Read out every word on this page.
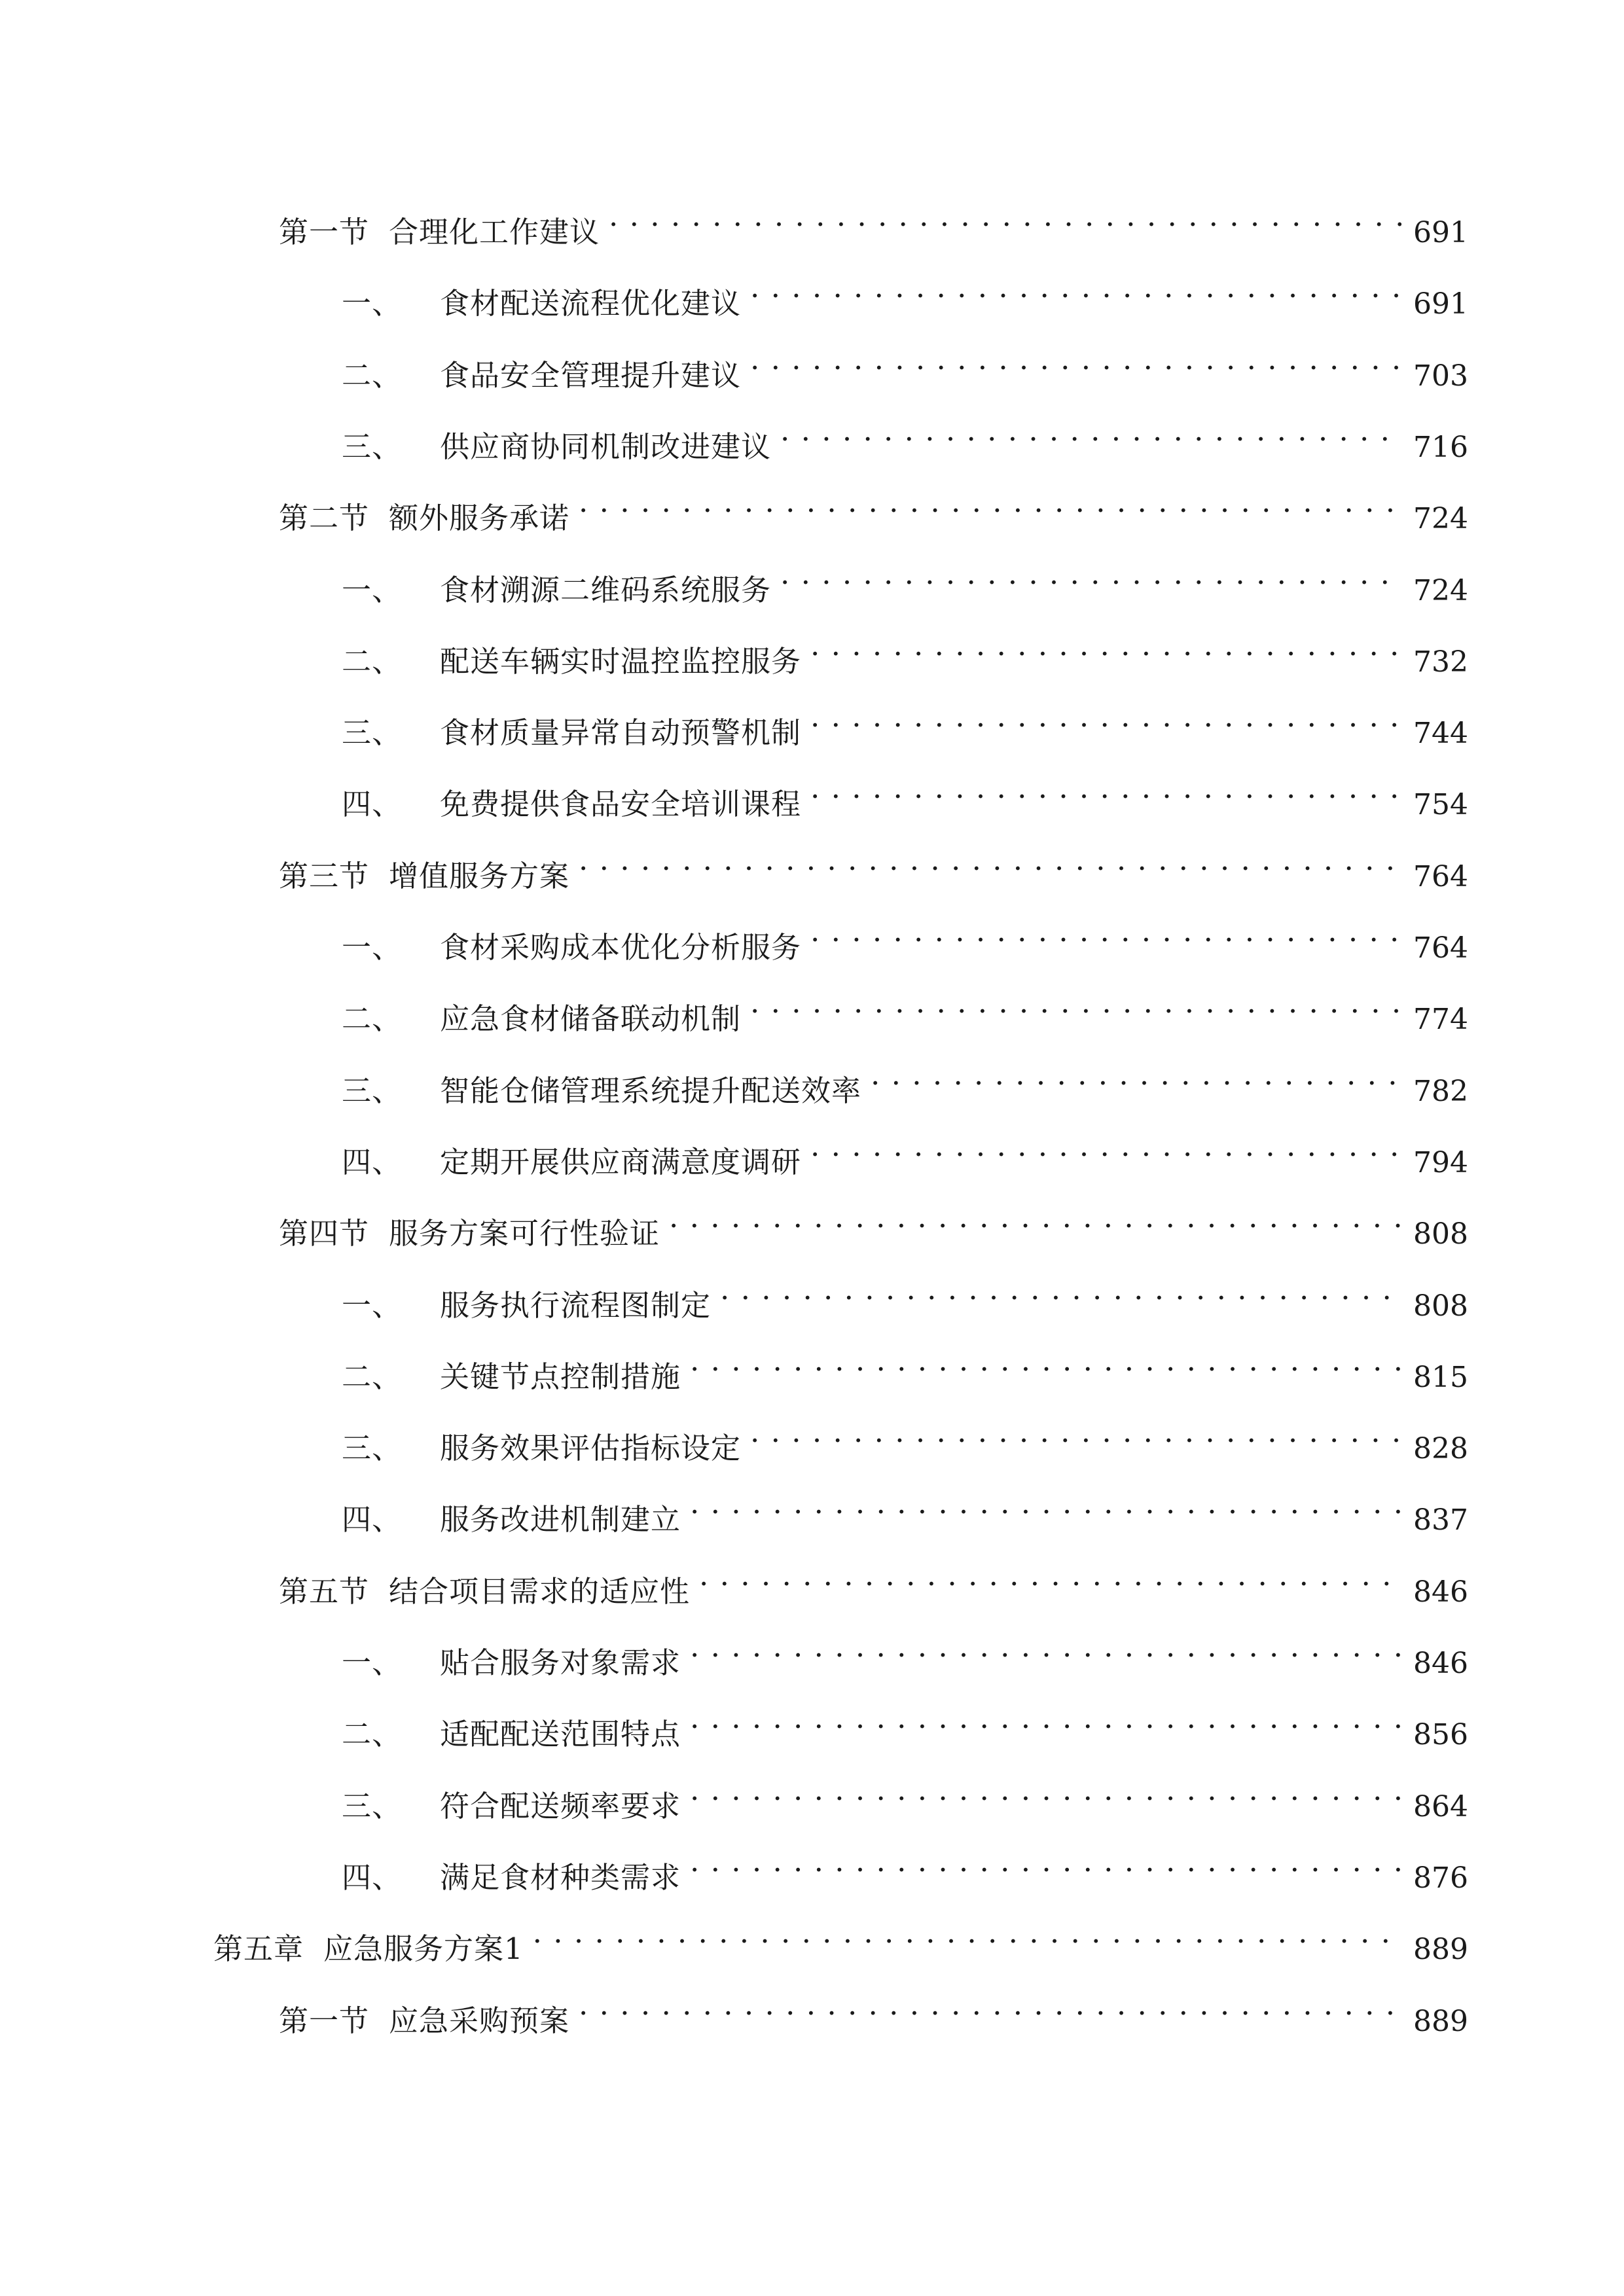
第一节 合理化工作建议 . . .	691
一、 食材配送流程优化建议 . . .	691
二、 食品安全管理提升建议 . . .	703
三、 供应商协同机制改进建议 . . .	716
第二节 额外服务承诺 . . .	724
一、 食材溯源二维码系统服务 . . .	724
二、 配送车辆实时温控监控服务 . . .	732
三、 食材质量异常自动预警机制 . . .	744
四、 免费提供食品安全培训课程 . . .	754
第三节 增值服务方案 . . .	764
一、 食材采购成本优化分析服务 . . .	764
二、 应急食材储备联动机制 . . .	774
三、 智能仓储管理系统提升配送效率 . . .	782
四、 定期开展供应商满意度调研 . . .	794
第四节 服务方案可行性验证 . . .	808
一、 服务执行流程图制定 . . .	808
二、 关键节点控制措施 . . .	815
三、 服务效果评估指标设定 . . .	828
四、 服务改进机制建立 . . .	837
第五节 结合项目需求的适应性 . . .	846
一、 贴合服务对象需求 . . .	846
二、 适配配送范围特点 . . .	856
三、 符合配送频率要求 . . .	864
四、 满足食材种类需求 . . .	876
第五章 应急服务方案1 . . .	889
第一节 应急采购预案 . . .	889
